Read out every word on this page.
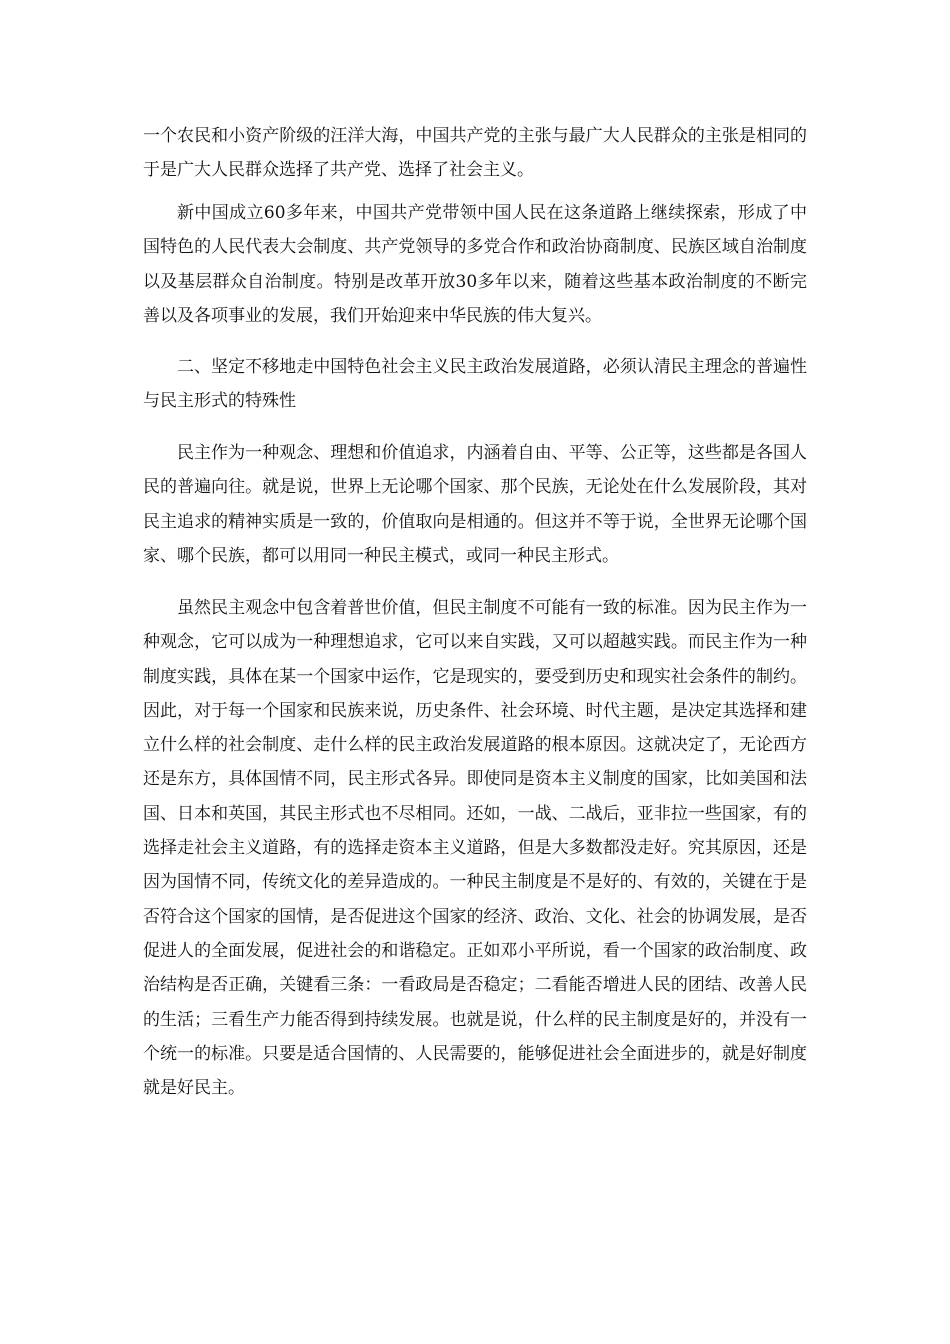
一个农民和小资产阶级的汪洋大海，中国共产党的主张与最广大人民群众的主张是相同的于是广大人民群众选择了共产党、选择了社会主义。

新中国成立60多年来，中国共产党带领中国人民在这条道路上继续探索，形成了中国特色的人民代表大会制度、共产党领导的多党合作和政治协商制度、民族区域自治制度以及基层群众自治制度。特别是改革开放30多年以来，随着这些基本政治制度的不断完善以及各项事业的发展，我们开始迎来中华民族的伟大复兴。

二、坚定不移地走中国特色社会主义民主政治发展道路，必须认清民主理念的普遍性与民主形式的特殊性

民主作为一种观念、理想和价值追求，内涵着自由、平等、公正等，这些都是各国人民的普遍向往。就是说，世界上无论哪个国家、那个民族，无论处在什么发展阶段，其对民主追求的精神实质是一致的，价值取向是相通的。但这并不等于说，全世界无论哪个国家、哪个民族，都可以用同一种民主模式，或同一种民主形式。

虽然民主观念中包含着普世价值，但民主制度不可能有一致的标准。因为民主作为一种观念，它可以成为一种理想追求，它可以来自实践，又可以超越实践。而民主作为一种制度实践，具体在某一个国家中运作，它是现实的，要受到历史和现实社会条件的制约。因此，对于每一个国家和民族来说，历史条件、社会环境、时代主题，是决定其选择和建立什么样的社会制度、走什么样的民主政治发展道路的根本原因。这就决定了，无论西方还是东方，具体国情不同，民主形式各异。即使同是资本主义制度的国家，比如美国和法国、日本和英国，其民主形式也不尽相同。还如，一战、二战后，亚非拉一些国家，有的选择走社会主义道路，有的选择走资本主义道路，但是大多数都没走好。究其原因，还是因为国情不同，传统文化的差异造成的。一种民主制度是不是好的、有效的，关键在于是否符合这个国家的国情，是否促进这个国家的经济、政治、文化、社会的协调发展，是否促进人的全面发展，促进社会的和谐稳定。正如邓小平所说，看一个国家的政治制度、政治结构是否正确，关键看三条：一看政局是否稳定；二看能否增进人民的团结、改善人民的生活；三看生产力能否得到持续发展。也就是说，什么样的民主制度是好的，并没有一个统一的标准。只要是适合国情的、人民需要的，能够促进社会全面进步的，就是好制度就是好民主。
